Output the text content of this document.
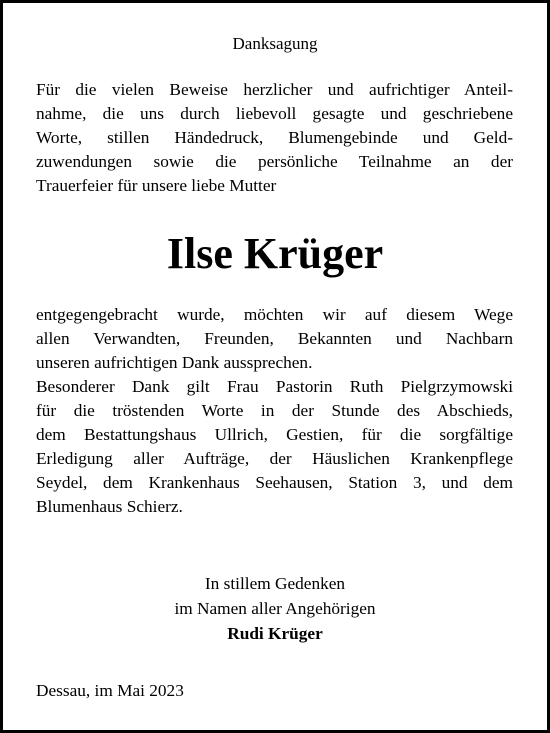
Danksagung
Für die vielen Beweise herzlicher und aufrichtiger Anteil-
nahme, die uns durch liebevoll gesagte und geschriebene
Worte, stillen Händedruck, Blumengebinde und Geld-
zuwendungen sowie die persönliche Teilnahme an der
Trauerfeier für unsere liebe Mutter
Ilse Krüger
entgegengebracht wurde, möchten wir auf diesem Wege
allen Verwandten, Freunden, Bekannten und Nachbarn
unseren aufrichtigen Dank aussprechen.
Besonderer Dank gilt Frau Pastorin Ruth Pielgrzymowski
für die tröstenden Worte in der Stunde des Abschieds,
dem Bestattungshaus Ullrich, Gestien, für die sorgfältige
Erledigung aller Aufträge, der Häuslichen Krankenpflege
Seydel, dem Krankenhaus Seehausen, Station 3, und dem
Blumenhaus Schierz.
In stillem Gedenken
im Namen aller Angehörigen
Rudi Krüger
Dessau, im Mai 2023
